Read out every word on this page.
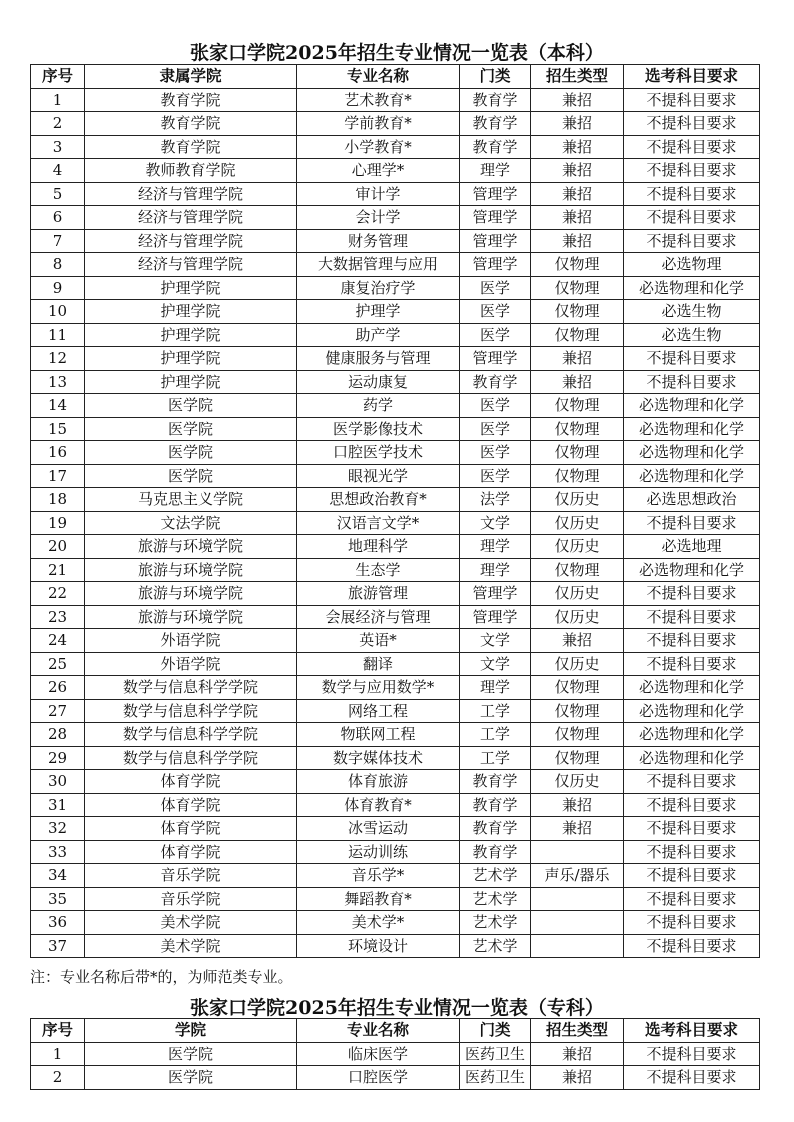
张家口学院2025年招生专业情况一览表（本科）
序号	隶属学院	专业名称	门类	招生类型	选考科目要求
1	教育学院	艺术教育*	教育学	兼招	不提科目要求
2	教育学院	学前教育*	教育学	兼招	不提科目要求
3	教育学院	小学教育*	教育学	兼招	不提科目要求
4	教师教育学院	心理学*	理学	兼招	不提科目要求
5	经济与管理学院	审计学	管理学	兼招	不提科目要求
6	经济与管理学院	会计学	管理学	兼招	不提科目要求
7	经济与管理学院	财务管理	管理学	兼招	不提科目要求
8	经济与管理学院	大数据管理与应用	管理学	仅物理	必选物理
9	护理学院	康复治疗学	医学	仅物理	必选物理和化学
10	护理学院	护理学	医学	仅物理	必选生物
11	护理学院	助产学	医学	仅物理	必选生物
12	护理学院	健康服务与管理	管理学	兼招	不提科目要求
13	护理学院	运动康复	教育学	兼招	不提科目要求
14	医学院	药学	医学	仅物理	必选物理和化学
15	医学院	医学影像技术	医学	仅物理	必选物理和化学
16	医学院	口腔医学技术	医学	仅物理	必选物理和化学
17	医学院	眼视光学	医学	仅物理	必选物理和化学
18	马克思主义学院	思想政治教育*	法学	仅历史	必选思想政治
19	文法学院	汉语言文学*	文学	仅历史	不提科目要求
20	旅游与环境学院	地理科学	理学	仅历史	必选地理
21	旅游与环境学院	生态学	理学	仅物理	必选物理和化学
22	旅游与环境学院	旅游管理	管理学	仅历史	不提科目要求
23	旅游与环境学院	会展经济与管理	管理学	仅历史	不提科目要求
24	外语学院	英语*	文学	兼招	不提科目要求
25	外语学院	翻译	文学	仅历史	不提科目要求
26	数学与信息科学学院	数学与应用数学*	理学	仅物理	必选物理和化学
27	数学与信息科学学院	网络工程	工学	仅物理	必选物理和化学
28	数学与信息科学学院	物联网工程	工学	仅物理	必选物理和化学
29	数学与信息科学学院	数字媒体技术	工学	仅物理	必选物理和化学
30	体育学院	体育旅游	教育学	仅历史	不提科目要求
31	体育学院	体育教育*	教育学	兼招	不提科目要求
32	体育学院	冰雪运动	教育学	兼招	不提科目要求
33	体育学院	运动训练	教育学		不提科目要求
34	音乐学院	音乐学*	艺术学	声乐/器乐	不提科目要求
35	音乐学院	舞蹈教育*	艺术学		不提科目要求
36	美术学院	美术学*	艺术学		不提科目要求
37	美术学院	环境设计	艺术学		不提科目要求
注：专业名称后带*的，为师范类专业。
张家口学院2025年招生专业情况一览表（专科）
序号	学院	专业名称	门类	招生类型	选考科目要求
1	医学院	临床医学	医药卫生	兼招	不提科目要求
2	医学院	口腔医学	医药卫生	兼招	不提科目要求
